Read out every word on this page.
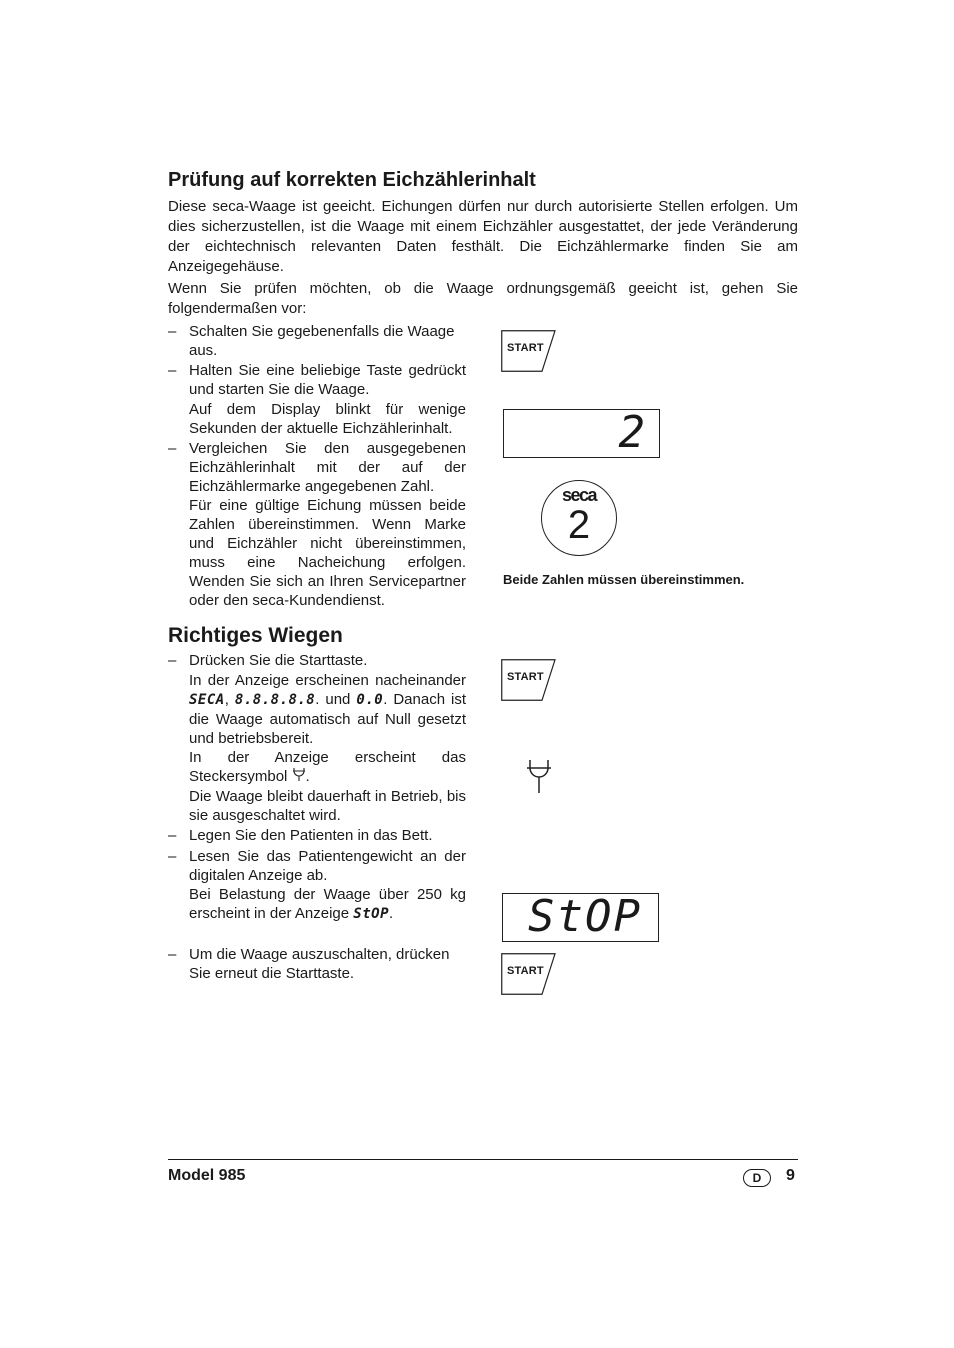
Prüfung auf korrekten Eichzählerinhalt
Diese seca-Waage ist geeicht. Eichungen dürfen nur durch autorisierte Stellen erfolgen. Um dies sicherzustellen, ist die Waage mit einem Eichzähler ausgestattet, der jede Veränderung der eichtechnisch relevanten Daten festhält. Die Eichzählermarke finden Sie am Anzeigegehäuse.
Wenn Sie prüfen möchten, ob die Waage ordnungsgemäß geeicht ist, gehen Sie folgendermaßen vor:
– Schalten Sie gegebenenfalls die Waage aus.
– Halten Sie eine beliebige Taste gedrückt und starten Sie die Waage.
Auf dem Display blinkt für wenige Sekunden der aktuelle Eichzählerinhalt.
– Vergleichen Sie den ausgegebenen Eichzählerinhalt mit der auf der Eichzählermarke angegebenen Zahl.
Für eine gültige Eichung müssen beide Zahlen übereinstimmen. Wenn Marke und Eichzähler nicht übereinstimmen, muss eine Nacheichung erfolgen. Wenden Sie sich an Ihren Servicepartner oder den seca-Kundendienst.
START
2
seca
2
Beide Zahlen müssen übereinstimmen.
Richtiges Wiegen
– Drücken Sie die Starttaste.
In der Anzeige erscheinen nacheinander SECA, 8.8.8.8.8. und 0.0. Danach ist die Waage automatisch auf Null gesetzt und betriebsbereit.
In der Anzeige erscheint das Steckersymbol .
Die Waage bleibt dauerhaft in Betrieb, bis sie ausgeschaltet wird.
– Legen Sie den Patienten in das Bett.
– Lesen Sie das Patientengewicht an der digitalen Anzeige ab.
Bei Belastung der Waage über 250 kg erscheint in der Anzeige StOP.
– Um die Waage auszuschalten, drücken Sie erneut die Starttaste.
START
StOP
START
Model 985	D	9
